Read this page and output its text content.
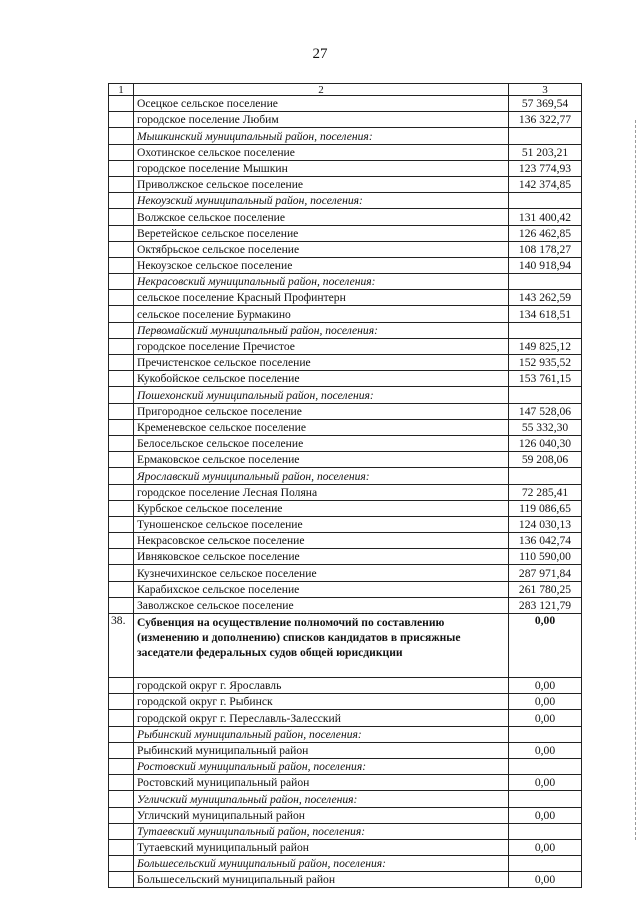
27
1	2	3
	Осецкое сельское поселение	57 369,54
	городское поселение Любим	136 322,77
	Мышкинский муниципальный район, поселения:	
	Охотинское сельское поселение	51 203,21
	городское поселение Мышкин	123 774,93
	Приволжское сельское поселение	142 374,85
	Некоузский муниципальный район, поселения:	
	Волжское сельское поселение	131 400,42
	Веретейское сельское поселение	126 462,85
	Октябрьское сельское поселение	108 178,27
	Некоузское сельское поселение	140 918,94
	Некрасовский муниципальный район, поселения:	
	сельское поселение Красный Профинтерн	143 262,59
	сельское поселение Бурмакино	134 618,51
	Первомайский муниципальный район, поселения:	
	городское поселение Пречистое	149 825,12
	Пречистенское сельское поселение	152 935,52
	Кукобойское сельское поселение	153 761,15
	Пошехонский муниципальный район, поселения:	
	Пригородное сельское поселение	147 528,06
	Кременевское сельское поселение	55 332,30
	Белосельское сельское поселение	126 040,30
	Ермаковское сельское поселение	59 208,06
	Ярославский муниципальный район, поселения:	
	городское поселение Лесная Поляна	72 285,41
	Курбское сельское поселение	119 086,65
	Туношенское сельское поселение	124 030,13
	Некрасовское сельское поселение	136 042,74
	Ивняковское сельское поселение	110 590,00
	Кузнечихинское сельское поселение	287 971,84
	Карабихское сельское поселение	261 780,25
	Заволжское сельское поселение	283 121,79
38.	Субвенция на осуществление полномочий по составлению (изменению и дополнению) списков кандидатов в присяжные заседатели федеральных судов общей юрисдикции	0,00
	городской округ г. Ярославль	0,00
	городской округ г. Рыбинск	0,00
	городской округ г. Переславль-Залесский	0,00
	Рыбинский муниципальный район, поселения:	
	Рыбинский муниципальный район	0,00
	Ростовский муниципальный район, поселения:	
	Ростовский муниципальный район	0,00
	Угличский муниципальный район, поселения:	
	Угличский муниципальный район	0,00
	Тутаевский муниципальный район, поселения:	
	Тутаевский муниципальный район	0,00
	Большесельский муниципальный район, поселения:	
	Большесельский муниципальный район	0,00
